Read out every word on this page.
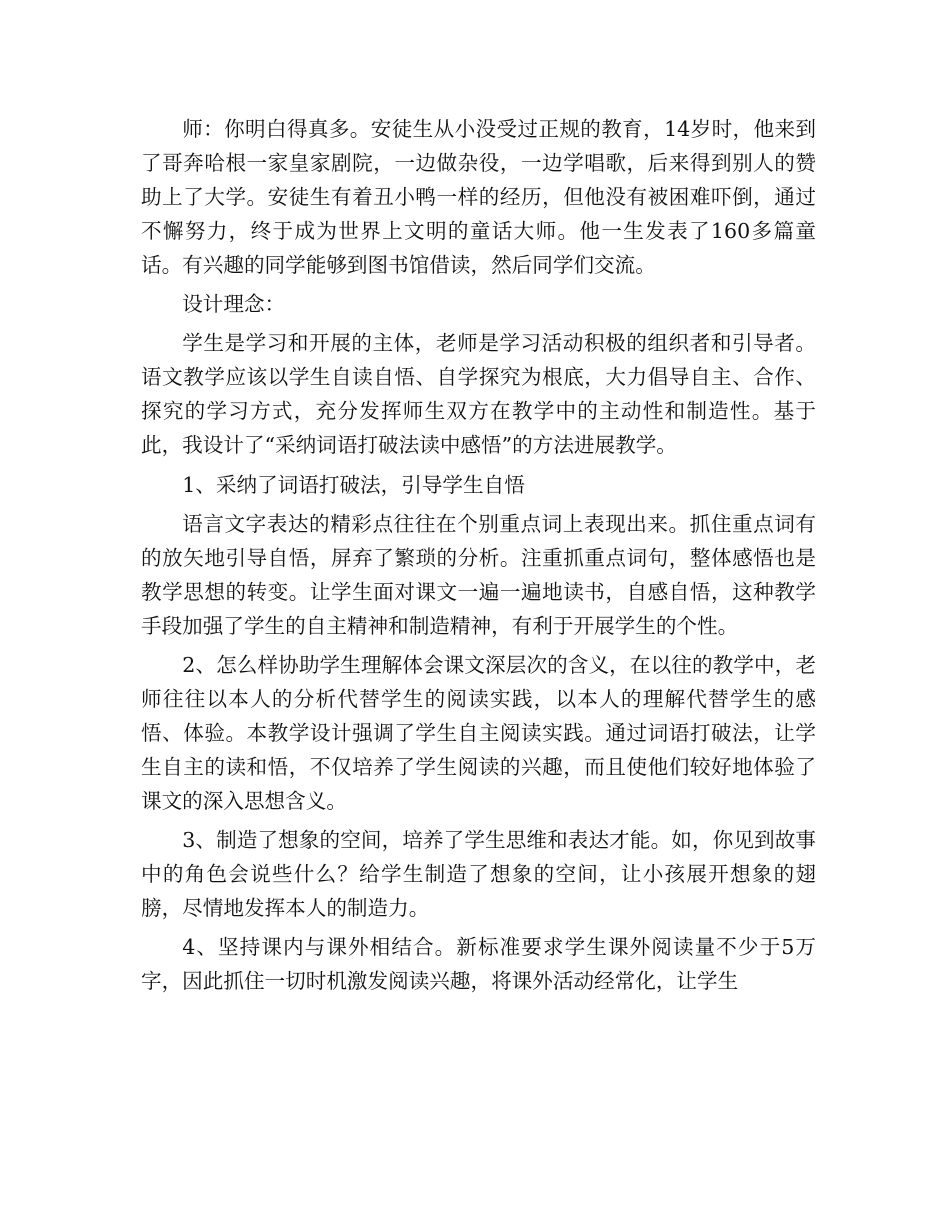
师：你明白得真多。安徒生从小没受过正规的教育，14岁时，他来到了哥奔哈根一家皇家剧院，一边做杂役，一边学唱歌，后来得到别人的赞助上了大学。安徒生有着丑小鸭一样的经历，但他没有被困难吓倒，通过不懈努力，终于成为世界上文明的童话大师。他一生发表了160多篇童话。有兴趣的同学能够到图书馆借读，然后同学们交流。

设计理念：

学生是学习和开展的主体，老师是学习活动积极的组织者和引导者。语文教学应该以学生自读自悟、自学探究为根底，大力倡导自主、合作、探究的学习方式，充分发挥师生双方在教学中的主动性和制造性。基于此，我设计了“采纳词语打破法读中感悟”的方法进展教学。

1、采纳了词语打破法，引导学生自悟

语言文字表达的精彩点往往在个别重点词上表现出来。抓住重点词有的放矢地引导自悟，屏弃了繁琐的分析。注重抓重点词句，整体感悟也是教学思想的转变。让学生面对课文一遍一遍地读书，自感自悟，这种教学手段加强了学生的自主精神和制造精神，有利于开展学生的个性。

2、怎么样协助学生理解体会课文深层次的含义，在以往的教学中，老师往往以本人的分析代替学生的阅读实践，以本人的理解代替学生的感悟、体验。本教学设计强调了学生自主阅读实践。通过词语打破法，让学生自主的读和悟，不仅培养了学生阅读的兴趣，而且使他们较好地体验了课文的深入思想含义。

3、制造了想象的空间，培养了学生思维和表达才能。如，你见到故事中的角色会说些什么？给学生制造了想象的空间，让小孩展开想象的翅膀，尽情地发挥本人的制造力。

4、坚持课内与课外相结合。新标准要求学生课外阅读量不少于5万字，因此抓住一切时机激发阅读兴趣，将课外活动经常化，让学生
